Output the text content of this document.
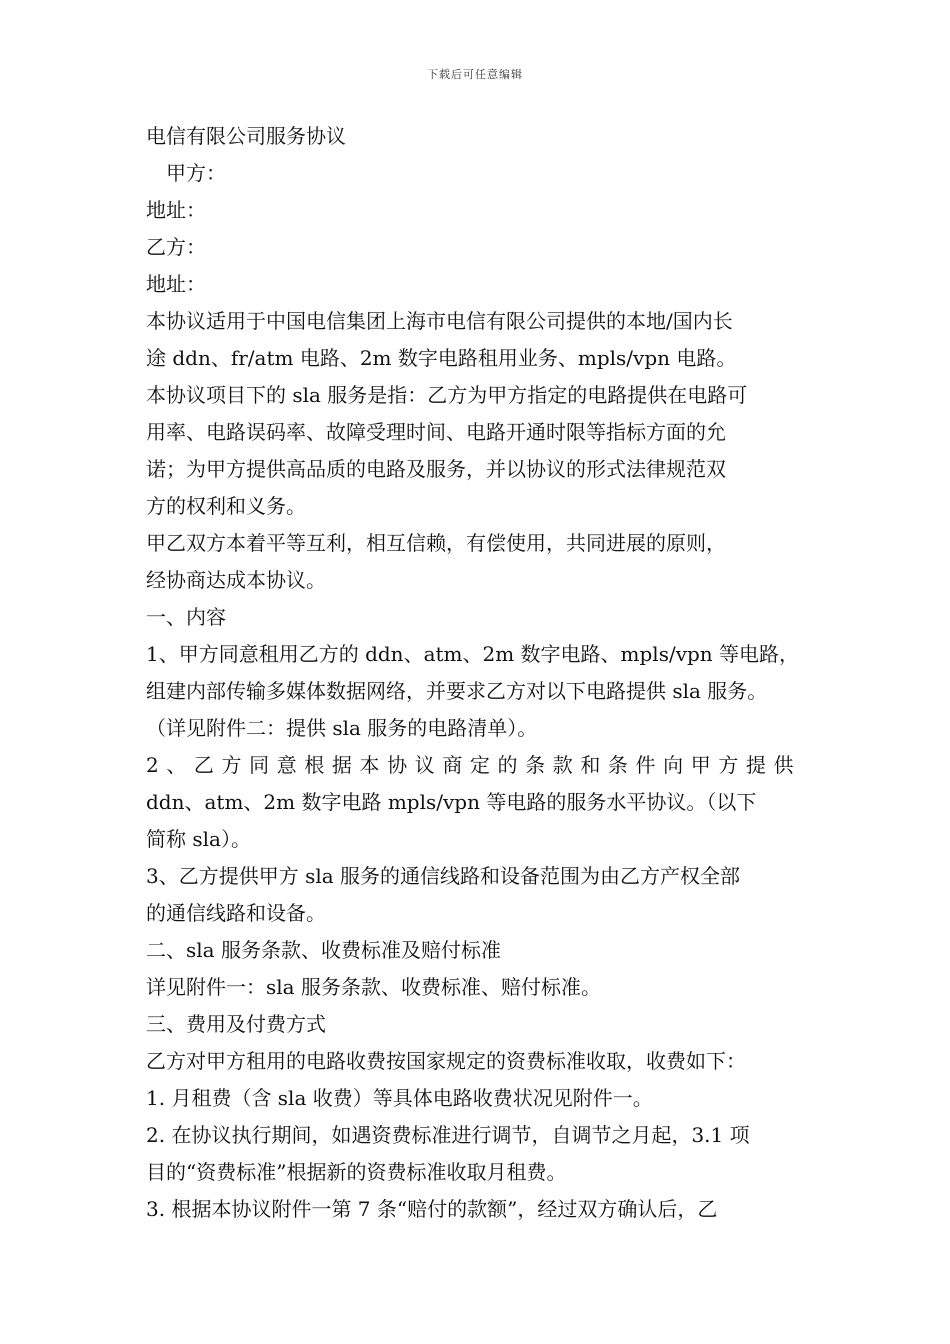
下载后可任意编辑
电信有限公司服务协议
甲方：
地址：
乙方：
地址：
本协议适用于中国电信集团上海市电信有限公司提供的本地/国内长
途 ddn、fr/atm 电路、2m 数字电路租用业务、mpls/vpn 电路。
本协议项目下的 sla 服务是指：乙方为甲方指定的电路提供在电路可
用率、电路误码率、故障受理时间、电路开通时限等指标方面的允
诺；为甲方提供高品质的电路及服务，并以协议的形式法律规范双
方的权利和义务。
甲乙双方本着平等互利，相互信赖，有偿使用，共同进展的原则，
经协商达成本协议。
一、内容
1、甲方同意租用乙方的 ddn、atm、2m 数字电路、mpls/vpn 等电路，
组建内部传输多媒体数据网络，并要求乙方对以下电路提供 sla 服务。
（详见附件二：提供 sla 服务的电路清单）。
2、乙方同意根据本协议商定的条款和条件向甲方提供
ddn、atm、2m 数字电路 mpls/vpn 等电路的服务水平协议。（以下
简称 sla）。
3、乙方提供甲方 sla 服务的通信线路和设备范围为由乙方产权全部
的通信线路和设备。
二、sla 服务条款、收费标准及赔付标准
详见附件一：sla 服务条款、收费标准、赔付标准。
三、费用及付费方式
乙方对甲方租用的电路收费按国家规定的资费标准收取，收费如下：
1. 月租费（含 sla 收费）等具体电路收费状况见附件一。
2. 在协议执行期间，如遇资费标准进行调节，自调节之月起，3.1 项
目的“资费标准”根据新的资费标准收取月租费。
3. 根据本协议附件一第 7 条“赔付的款额”，经过双方确认后，乙
